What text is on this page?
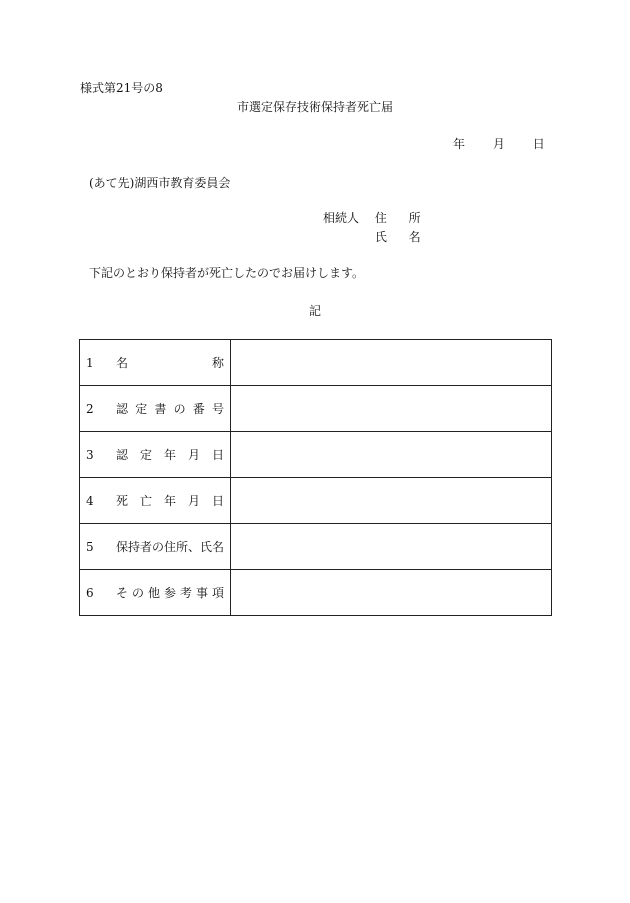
様式第21号の8
市選定保存技術保持者死亡届
年 月 日
(あて先)湖西市教育委員会
相続人 住 所
氏 名
下記のとおり保持者が死亡したのでお届けします。
記
1 名　　　　　称	

2 認定書の番号	

3 認定年月日	

4 死亡年月日	

5 保持者の住所、氏名	

6 その他参考事項	
